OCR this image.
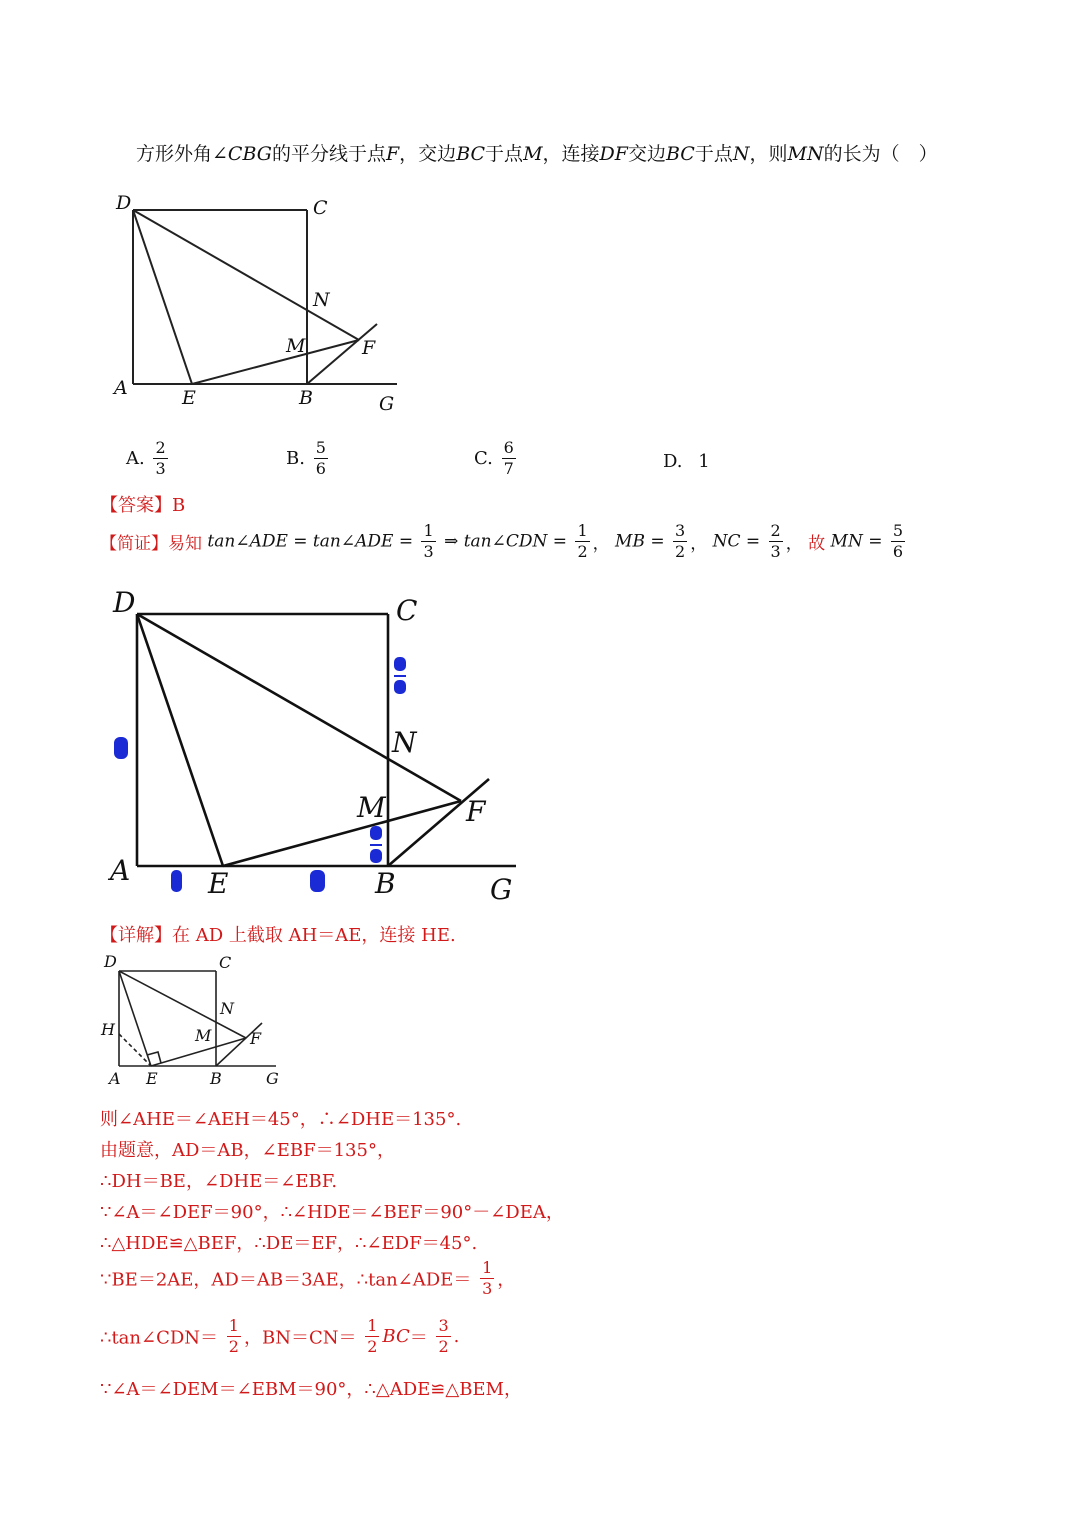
方形外角∠CBG的平分线于点F，交边BC于点M，连接DF交边BC于点N，则MN的长为（　）
D	C
N
M	F
A	E	B	G
A. $\frac{2}{3}$	B. $\frac{5}{6}$	C. $\frac{6}{7}$	D. 1
【答案】B
【简证】易知 tan∠ADE = tan∠ADE = $\frac{1}{3}$ ⇒ tan∠CDN = $\frac{1}{2}$ ， MB = $\frac{3}{2}$ ， NC = $\frac{2}{3}$ ， 故 MN = $\frac{5}{6}$
D	C
N
M	F
A	E	B	G
【详解】在 AD 上截取 AH＝AE，连接 HE.
D	C
N
H	M F
A E	B	G
则∠AHE＝∠AEH＝45°，∴∠DHE＝135°.
由题意，AD＝AB，∠EBF＝135°，
∴DH＝BE，∠DHE＝∠EBF.
∵∠A＝∠DEF＝90°，∴∠HDE＝∠BEF＝90°－∠DEA，
∴△HDE≌△BEF，∴DE＝EF，∴∠EDF＝45°.
∵BE＝2AE，AD＝AB＝3AE，∴tan∠ADE＝ $\frac{1}{3}$ ，
∴tan∠CDN＝ $\frac{1}{2}$ ，$BN=CN= \frac{1}{2} BC= \frac{3}{2}$ .
∵∠A＝∠DEM＝∠EBM＝90°，∴△ADE≌△BEM，
